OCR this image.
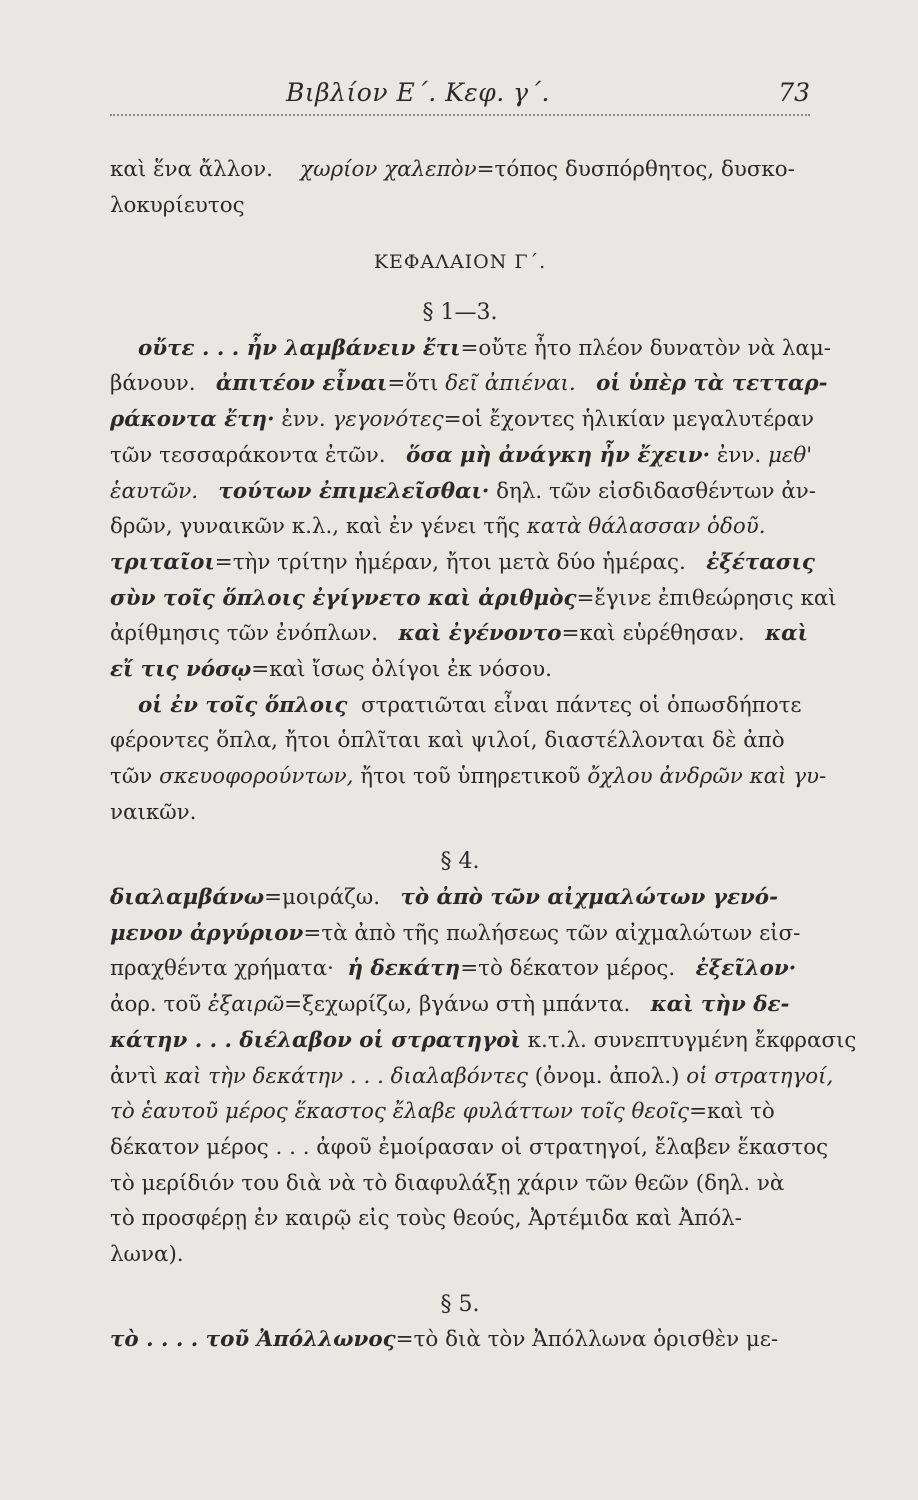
Βιβλίον Ε΄. Κεφ. γ΄.	73
καὶ ἕνα ἄλλον. χωρίον χαλεπὸν=τόπος δυσπόρθητος, δυσκο-
λοκυρίευτος
ΚΕΦΑΛΑΙΟΝ Γ΄.
§ 1—3.
οὔτε . . . ἦν λαμβάνειν ἔτι=οὔτε ἦτο πλέον δυνατὸν νὰ λαμ-
βάνουν. ἀπιτέον εἶναι=ὅτι δεῖ ἀπιέναι. οἱ ὑπὲρ τὰ τετταρ-
ράκοντα ἔτη· ἐνν. γεγονότες=οἱ ἔχοντες ἡλικίαν μεγαλυτέραν
τῶν τεσσαράκοντα ἐτῶν. ὅσα μὴ ἀνάγκη ἦν ἔχειν· ἐνν. μεθ'
ἑαυτῶν. τούτων ἐπιμελεῖσθαι· δηλ. τῶν εἰσδιδασθέντων ἀν-
δρῶν, γυναικῶν κ.λ., καὶ ἐν γένει τῆς κατὰ θάλασσαν ὁδοῦ.
τριταῖοι=τὴν τρίτην ἡμέραν, ἤτοι μετὰ δύο ἡμέρας. ἐξέτασις
σὺν τοῖς ὅπλοις ἐγίγνετο καὶ ἀριθμὸς=ἔγινε ἐπιθεώρησις καὶ
ἀρίθμησις τῶν ἐνόπλων. καὶ ἐγένοντο=καὶ εὑρέθησαν. καὶ
εἴ τις νόσῳ=καὶ ἴσως ὀλίγοι ἐκ νόσου.
οἱ ἐν τοῖς ὅπλοις στρατιῶται εἶναι πάντες οἱ ὁπωσδήποτε
φέροντες ὅπλα, ἤτοι ὁπλῖται καὶ ψιλοί, διαστέλλονται δὲ ἀπὸ
τῶν σκευοφορούντων, ἤτοι τοῦ ὑπηρετικοῦ ὄχλου ἀνδρῶν καὶ γυ-
ναικῶν.
§ 4.
διαλαμβάνω=μοιράζω. τὸ ἀπὸ τῶν αἰχμαλώτων γενό-
μενον ἀργύριον=τὰ ἀπὸ τῆς πωλήσεως τῶν αἰχμαλώτων εἰσ-
πραχθέντα χρήματα· ἡ δεκάτη=τὸ δέκατον μέρος. ἐξεῖλον·
ἀορ. τοῦ ἐξαιρῶ=ξεχωρίζω, βγάνω στὴ μπάντα. καὶ τὴν δε-
κάτην . . . διέλαβον οἱ στρατηγοὶ κ.τ.λ. συνεπτυγμένη ἔκφρασις
ἀντὶ καὶ τὴν δεκάτην . . . διαλαβόντες (ὀνομ. ἀπολ.) οἱ στρατηγοί,
τὸ ἑαυτοῦ μέρος ἕκαστος ἔλαβε φυλάττων τοῖς θεοῖς=καὶ τὸ
δέκατον μέρος . . . ἀφοῦ ἐμοίρασαν οἱ στρατηγοί, ἔλαβεν ἕκαστος
τὸ μερίδιόν του διὰ νὰ τὸ διαφυλάξῃ χάριν τῶν θεῶν (δηλ. νὰ
τὸ προσφέρῃ ἐν καιρῷ εἰς τοὺς θεούς, Ἀρτέμιδα καὶ Ἀπόλ-
λωνα).
§ 5.
τὸ . . . . τοῦ Ἀπόλλωνος=τὸ διὰ τὸν Ἀπόλλωνα ὁρισθὲν με-
